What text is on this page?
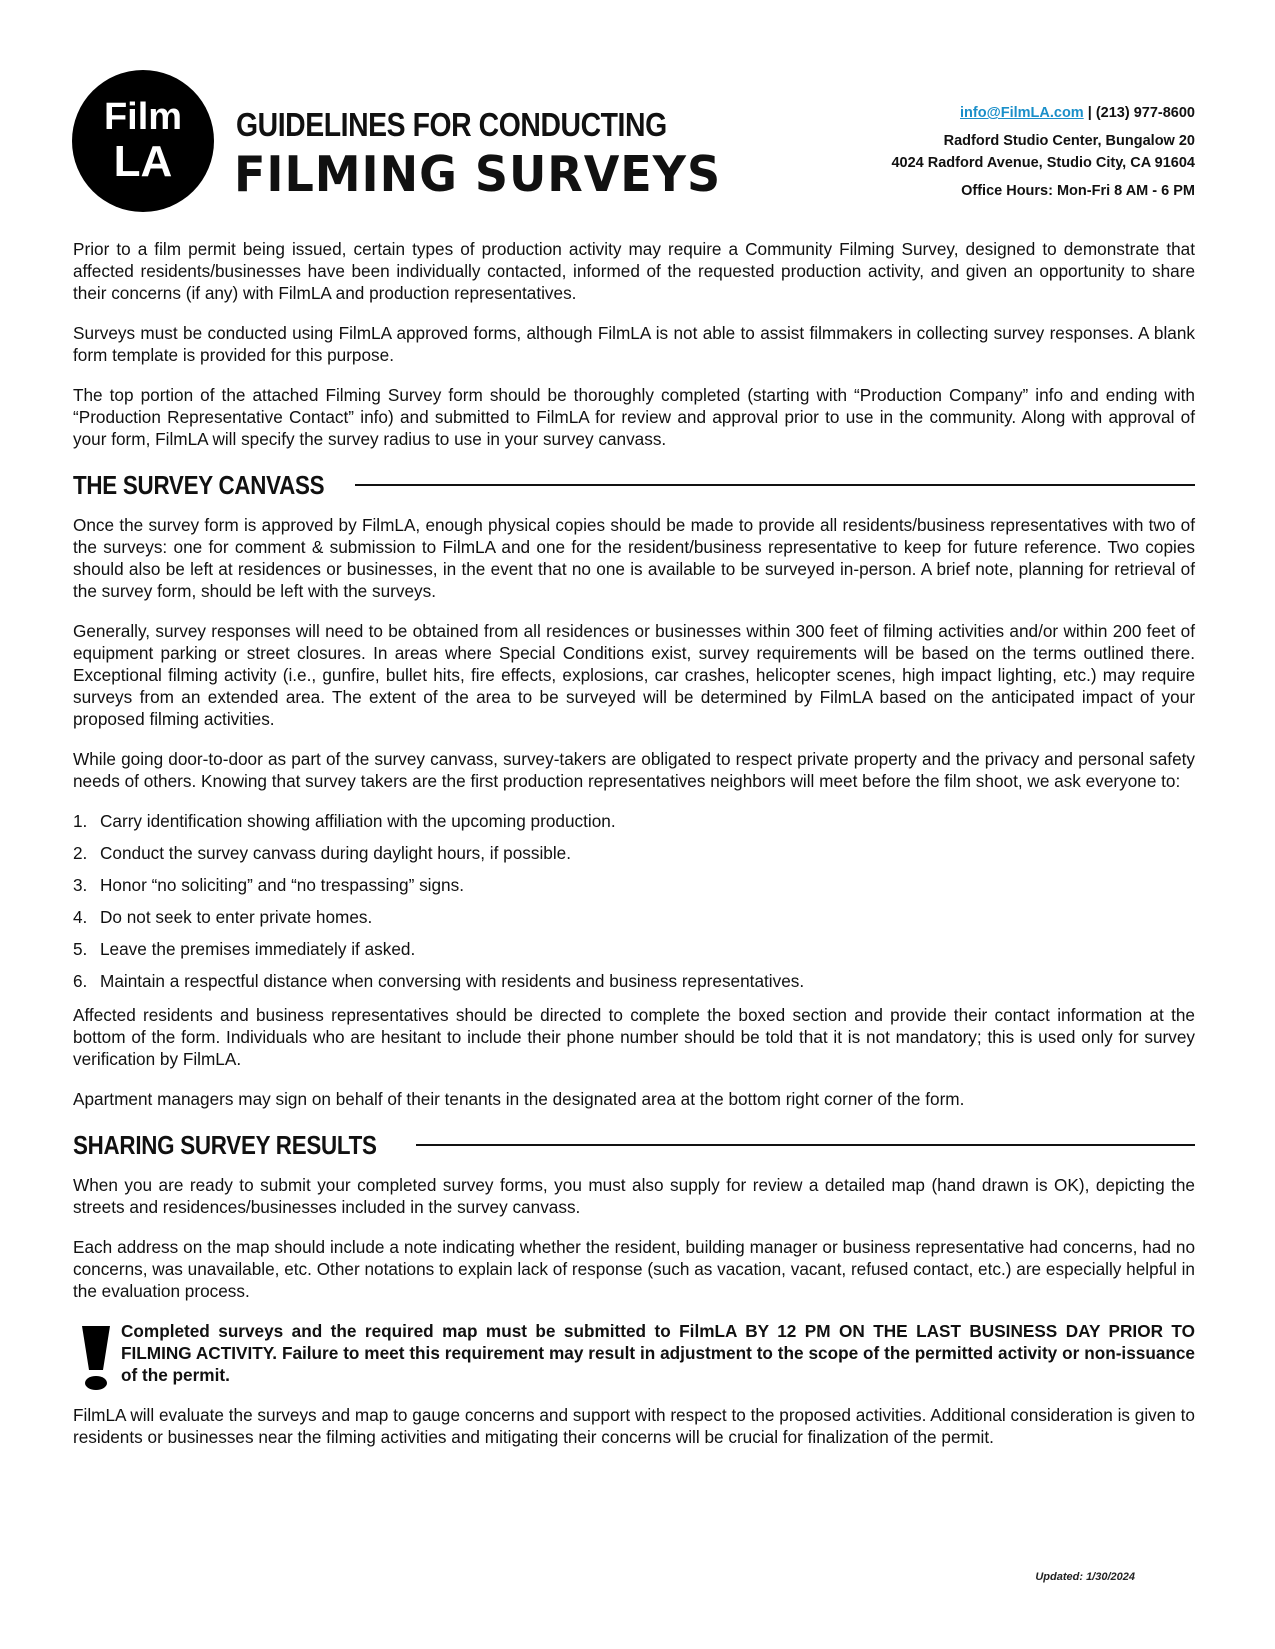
Film
LA
GUIDELINES FOR CONDUCTING
FILMING SURVEYS
info@FilmLA.com | (213) 977-8600
Radford Studio Center, Bungalow 20
4024 Radford Avenue, Studio City, CA 91604
Office Hours: Mon-Fri 8 AM - 6 PM

Prior to a film permit being issued, certain types of production activity may require a Community Filming Survey, designed to demonstrate that affected residents/businesses have been individually contacted, informed of the requested production activity, and given an opportunity to share their concerns (if any) with FilmLA and production representatives.

Surveys must be conducted using FilmLA approved forms, although FilmLA is not able to assist filmmakers in collecting survey responses. A blank form template is provided for this purpose.

The top portion of the attached Filming Survey form should be thoroughly completed (starting with “Production Company” info and ending with “Production Representative Contact” info) and submitted to FilmLA for review and approval prior to use in the community. Along with approval of your form, FilmLA will specify the survey radius to use in your survey canvass.

THE SURVEY CANVASS

Once the survey form is approved by FilmLA, enough physical copies should be made to provide all residents/business representatives with two of the surveys: one for comment & submission to FilmLA and one for the resident/business representative to keep for future reference. Two copies should also be left at residences or businesses, in the event that no one is available to be surveyed in-person. A brief note, planning for retrieval of the survey form, should be left with the surveys.

Generally, survey responses will need to be obtained from all residences or businesses within 300 feet of filming activities and/or within 200 feet of equipment parking or street closures. In areas where Special Conditions exist, survey requirements will be based on the terms outlined there. Exceptional filming activity (i.e., gunfire, bullet hits, fire effects, explosions, car crashes, helicopter scenes, high impact lighting, etc.) may require surveys from an extended area. The extent of the area to be surveyed will be determined by FilmLA based on the anticipated impact of your proposed filming activities.

While going door-to-door as part of the survey canvass, survey-takers are obligated to respect private property and the privacy and personal safety needs of others. Knowing that survey takers are the first production representatives neighbors will meet before the film shoot, we ask everyone to:

1. Carry identification showing affiliation with the upcoming production.
2. Conduct the survey canvass during daylight hours, if possible.
3. Honor “no soliciting” and “no trespassing” signs.
4. Do not seek to enter private homes.
5. Leave the premises immediately if asked.
6. Maintain a respectful distance when conversing with residents and business representatives.

Affected residents and business representatives should be directed to complete the boxed section and provide their contact information at the bottom of the form. Individuals who are hesitant to include their phone number should be told that it is not mandatory; this is used only for survey verification by FilmLA.

Apartment managers may sign on behalf of their tenants in the designated area at the bottom right corner of the form.

SHARING SURVEY RESULTS

When you are ready to submit your completed survey forms, you must also supply for review a detailed map (hand drawn is OK), depicting the streets and residences/businesses included in the survey canvass.

Each address on the map should include a note indicating whether the resident, building manager or business representative had concerns, had no concerns, was unavailable, etc. Other notations to explain lack of response (such as vacation, vacant, refused contact, etc.) are especially helpful in the evaluation process.

Completed surveys and the required map must be submitted to FilmLA BY 12 PM ON THE LAST BUSINESS DAY PRIOR TO FILMING ACTIVITY. Failure to meet this requirement may result in adjustment to the scope of the permitted activity or non-issuance of the permit.

FilmLA will evaluate the surveys and map to gauge concerns and support with respect to the proposed activities. Additional consideration is given to residents or businesses near the filming activities and mitigating their concerns will be crucial for finalization of the permit.

Updated: 1/30/2024
